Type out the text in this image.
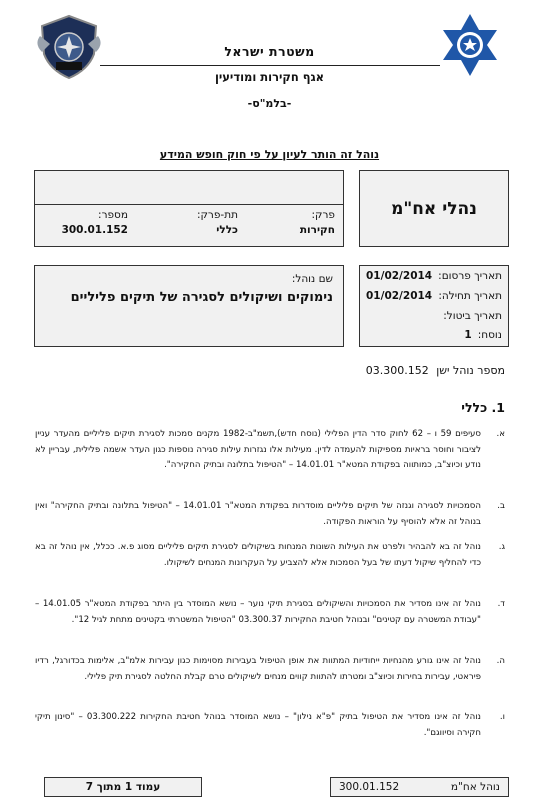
משטרת ישראל
אגף חקירות ומודיעין
-בלמ"ס-
נוהל זה הותר לעיון על פי חוק חופש המידע
פרק:
חקירות
תת-פרק:
כללי
מספר:
300.01.152
נהלי אח"מ
שם נוהל:
נימוקים ושיקולים לסגירה של תיקים פליליים
תאריך פרסום:
01/02/2014
תאריך תחילה:
01/02/2014
תאריך ביטול:
נוסח:
1
מספר נוהל ישן 03.300.152
1. כללי
א.
סעיפים 59 ו – 62 לחוק סדר הדין הפלילי (נוסח חדש),תשמ"ב-1982 מקנים סמכות לסגירת תיקים פליליים מהעדר עניין לציבור וחוסר בראיות מספיקות להעמדה לדין. מעילות אלו נגזרות עילות סגירה נוספות כגון העדר אשמה פלילית, עבריין לא נודע וכיוצ"ב, כמותווה בפקודת המטא"ר 14.01.01 – "הטיפול בתלונה ובתיק החקירה".
ב.
הסמכויות לסגירה וגנזה של תיקים פליליים מוסדרות בפקודת המטא"ר 14.01.01 – "הטיפול בתלונה ובתיק החקירה" ואין בנוהל זה אלא להוסיף על הוראות הפקודה.
ג.
נוהל זה בא להבהיר ולפרט את העילות השונות המנחות בשיקולים לסגירת תיקים פליליים מסוג פ.א. ככלל, אין נוהל זה בא כדי להחליף שיקול דעתו של בעל הסמכות אלא להצביע על העקרונות המנחים לשיקולו.
ד.
נוהל זה אינו מסדיר את הסמכויות והשיקולים בסגירת תיקי נוער – נושא המוסדר בין היתר בפקודת המטא"ר 14.01.05 – "עבודת המשטרה עם קטינים" ובנוהל חטיבת החקירות 03.300.37 "הטיפול המשטרתי בקטינים מתחת לגיל 12".
ה.
נוהל זה אינו גורע מהנחיות ייחודיות המתוות את אופן הטיפול בעבירות מסוימות כגון עבירות אלמ"ב, אלימות בכדורגל, רדיו פיראטי, עבירות בחירות וכיוצ"ב ומטרתו להתוות קווים מנחים לשיקולים טרם קבלת החלטה לסגירת תיק פלילי.
ו.
נוהל זה אינו מסדיר את הטיפול בתיק "פ"א נילון" – נושא המוסדר בנוהל חטיבת החקירות 03.300.222 – "סינון תיקי חקירה וסיווגם".
נוהל אח"מ
300.01.152
עמוד 1 מתוך 7
